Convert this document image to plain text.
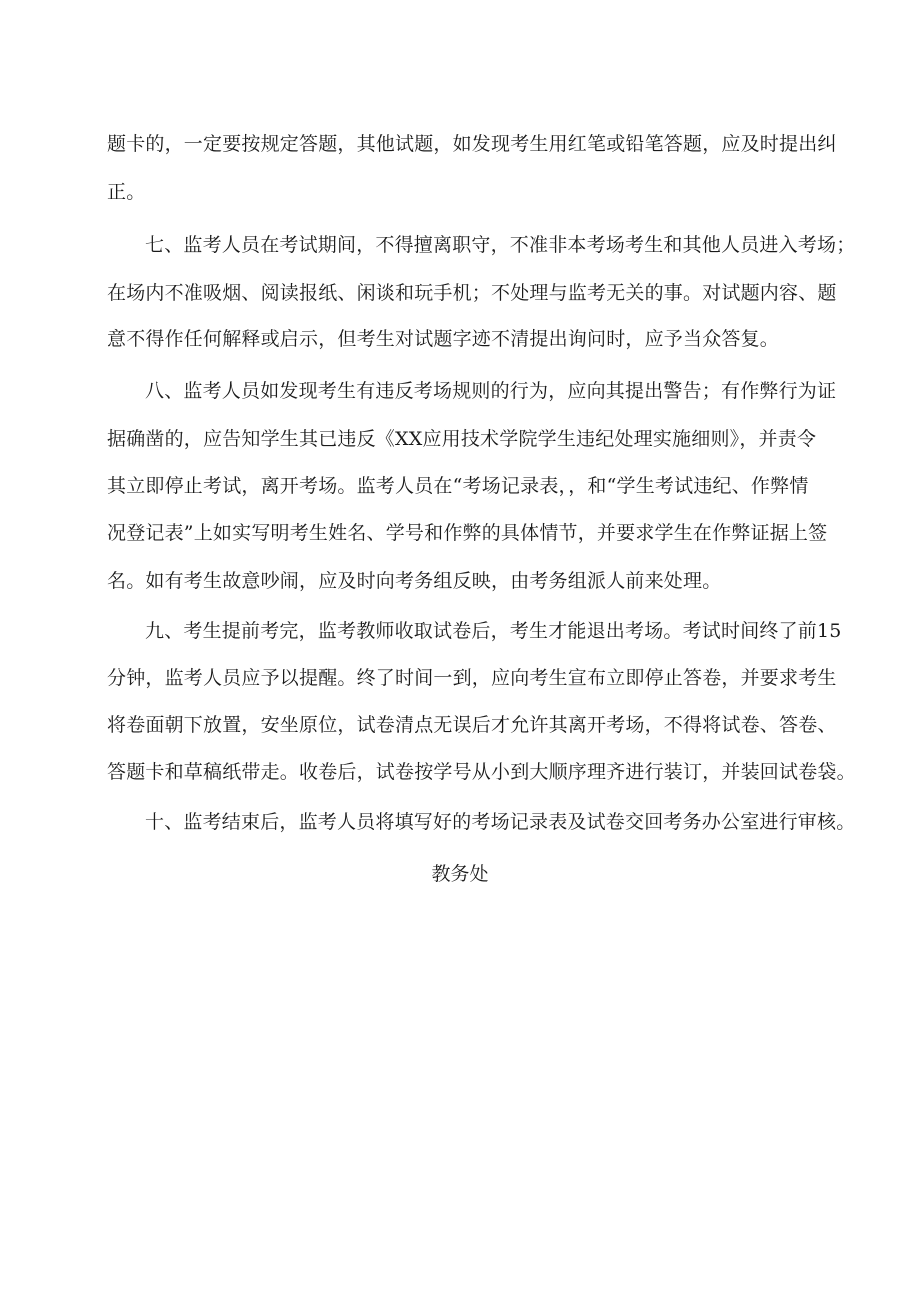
题卡的，一定要按规定答题，其他试题，如发现考生用红笔或铅笔答题，应及时提出纠
正。
七、监考人员在考试期间，不得擅离职守，不准非本考场考生和其他人员进入考场；
在场内不准吸烟、阅读报纸、闲谈和玩手机；不处理与监考无关的事。对试题内容、题
意不得作任何解释或启示，但考生对试题字迹不清提出询问时，应予当众答复。
八、监考人员如发现考生有违反考场规则的行为，应向其提出警告；有作弊行为证
据确凿的，应告知学生其已违反《XX应用技术学院学生违纪处理实施细则》，并责令
其立即停止考试，离开考场。监考人员在“考场记录表，，和“学生考试违纪、作弊情
况登记表”上如实写明考生姓名、学号和作弊的具体情节，并要求学生在作弊证据上签
名。如有考生故意吵闹，应及时向考务组反映，由考务组派人前来处理。
九、考生提前考完，监考教师收取试卷后，考生才能退出考场。考试时间终了前15
分钟，监考人员应予以提醒。终了时间一到，应向考生宣布立即停止答卷，并要求考生
将卷面朝下放置，安坐原位，试卷清点无误后才允许其离开考场，不得将试卷、答卷、
答题卡和草稿纸带走。收卷后，试卷按学号从小到大顺序理齐进行装订，并装回试卷袋。
十、监考结束后，监考人员将填写好的考场记录表及试卷交回考务办公室进行审核。
教务处
